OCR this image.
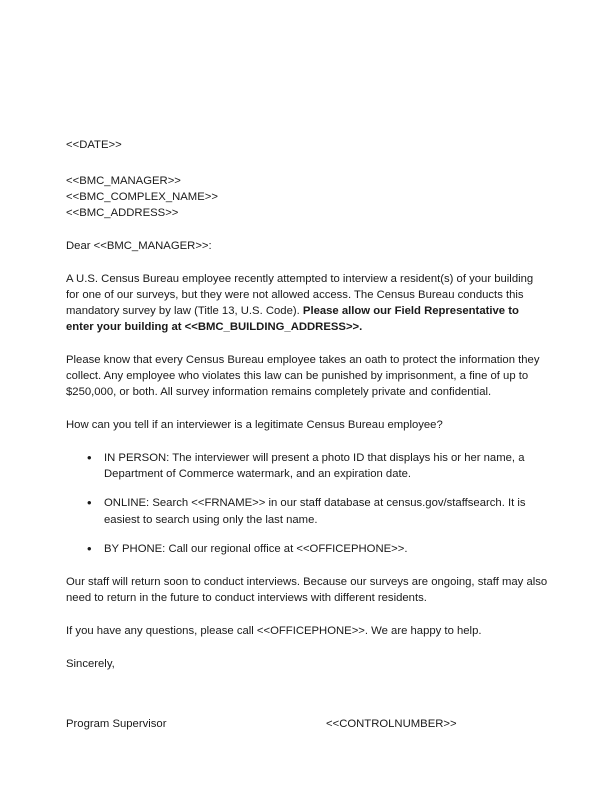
<<DATE>>
<<BMC_MANAGER>>
<<BMC_COMPLEX_NAME>>
<<BMC_ADDRESS>>
Dear <<BMC_MANAGER>>:

A U.S. Census Bureau employee recently attempted to interview a resident(s) of your building for one of our surveys, but they were not allowed access. The Census Bureau conducts this mandatory survey by law (Title 13, U.S. Code). Please allow our Field Representative to enter your building at <<BMC_BUILDING_ADDRESS>>.

Please know that every Census Bureau employee takes an oath to protect the information they collect. Any employee who violates this law can be punished by imprisonment, a fine of up to $250,000, or both. All survey information remains completely private and confidential.

How can you tell if an interviewer is a legitimate Census Bureau employee?

• IN PERSON: The interviewer will present a photo ID that displays his or her name, a Department of Commerce watermark, and an expiration date.
• ONLINE: Search <<FRNAME>> in our staff database at census.gov/staffsearch. It is easiest to search using only the last name.
• BY PHONE: Call our regional office at <<OFFICEPHONE>>.

Our staff will return soon to conduct interviews. Because our surveys are ongoing, staff may also need to return in the future to conduct interviews with different residents.

If you have any questions, please call <<OFFICEPHONE>>. We are happy to help.

Sincerely,
Program Supervisor	<<CONTROLNUMBER>>
